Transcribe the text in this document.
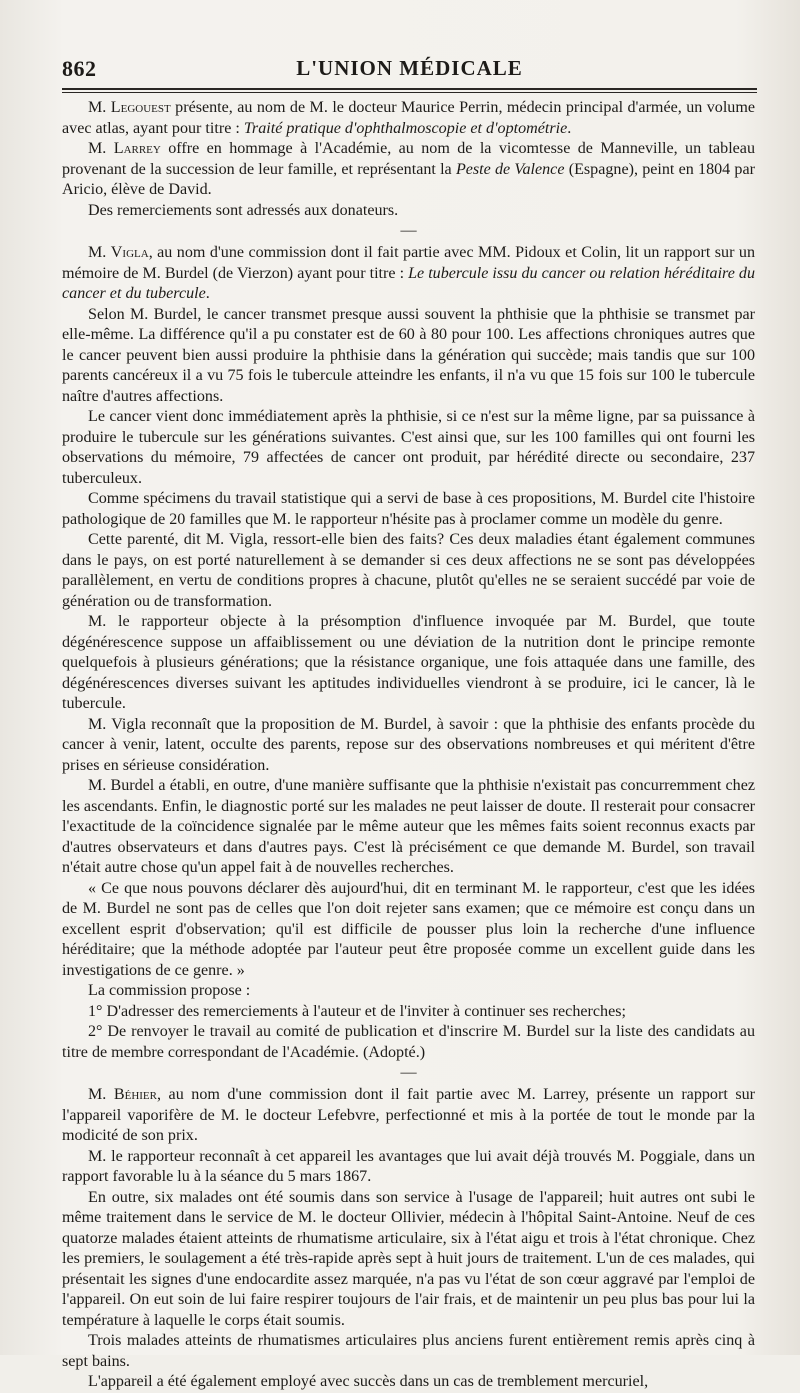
862	L'UNION MÉDICALE

M. Legouest présente, au nom de M. le docteur Maurice Perrin, médecin principal d'armée, un volume avec atlas, ayant pour titre : Traité pratique d'ophthalmoscopie et d'optométrie.

M. Larrey offre en hommage à l'Académie, au nom de la vicomtesse de Manneville, un tableau provenant de la succession de leur famille, et représentant la Peste de Valence (Espagne), peint en 1804 par Aricio, élève de David.

Des remerciements sont adressés aux donateurs.

—

M. Vigla, au nom d'une commission dont il fait partie avec MM. Pidoux et Colin, lit un rapport sur un mémoire de M. Burdel (de Vierzon) ayant pour titre : Le tubercule issu du cancer ou relation héréditaire du cancer et du tubercule.

Selon M. Burdel, le cancer transmet presque aussi souvent la phthisie que la phthisie se transmet par elle-même. La différence qu'il a pu constater est de 60 à 80 pour 100. Les affections chroniques autres que le cancer peuvent bien aussi produire la phthisie dans la génération qui succède; mais tandis que sur 100 parents cancéreux il a vu 75 fois le tubercule atteindre les enfants, il n'a vu que 15 fois sur 100 le tubercule naître d'autres affections.

Le cancer vient donc immédiatement après la phthisie, si ce n'est sur la même ligne, par sa puissance à produire le tubercule sur les générations suivantes. C'est ainsi que, sur les 100 familles qui ont fourni les observations du mémoire, 79 affectées de cancer ont produit, par hérédité directe ou secondaire, 237 tuberculeux.

Comme spécimens du travail statistique qui a servi de base à ces propositions, M. Burdel cite l'histoire pathologique de 20 familles que M. le rapporteur n'hésite pas à proclamer comme un modèle du genre.

Cette parenté, dit M. Vigla, ressort-elle bien des faits? Ces deux maladies étant également communes dans le pays, on est porté naturellement à se demander si ces deux affections ne se sont pas développées parallèlement, en vertu de conditions propres à chacune, plutôt qu'elles ne se seraient succédé par voie de génération ou de transformation.

M. le rapporteur objecte à la présomption d'influence invoquée par M. Burdel, que toute dégénérescence suppose un affaiblissement ou une déviation de la nutrition dont le principe remonte quelquefois à plusieurs générations; que la résistance organique, une fois attaquée dans une famille, des dégénérescences diverses suivant les aptitudes individuelles viendront à se produire, ici le cancer, là le tubercule.

M. Vigla reconnaît que la proposition de M. Burdel, à savoir : que la phthisie des enfants procède du cancer à venir, latent, occulte des parents, repose sur des observations nombreuses et qui méritent d'être prises en sérieuse considération.

M. Burdel a établi, en outre, d'une manière suffisante que la phthisie n'existait pas concurremment chez les ascendants. Enfin, le diagnostic porté sur les malades ne peut laisser de doute. Il resterait pour consacrer l'exactitude de la coïncidence signalée par le même auteur que les mêmes faits soient reconnus exacts par d'autres observateurs et dans d'autres pays. C'est là précisément ce que demande M. Burdel, son travail n'était autre chose qu'un appel fait à de nouvelles recherches.

« Ce que nous pouvons déclarer dès aujourd'hui, dit en terminant M. le rapporteur, c'est que les idées de M. Burdel ne sont pas de celles que l'on doit rejeter sans examen; que ce mémoire est conçu dans un excellent esprit d'observation; qu'il est difficile de pousser plus loin la recherche d'une influence héréditaire; que la méthode adoptée par l'auteur peut être proposée comme un excellent guide dans les investigations de ce genre. »

La commission propose :

1° D'adresser des remerciements à l'auteur et de l'inviter à continuer ses recherches;

2° De renvoyer le travail au comité de publication et d'inscrire M. Burdel sur la liste des candidats au titre de membre correspondant de l'Académie. (Adopté.)

—

M. Béhier, au nom d'une commission dont il fait partie avec M. Larrey, présente un rapport sur l'appareil vaporifère de M. le docteur Lefebvre, perfectionné et mis à la portée de tout le monde par la modicité de son prix.

M. le rapporteur reconnaît à cet appareil les avantages que lui avait déjà trouvés M. Poggiale, dans un rapport favorable lu à la séance du 5 mars 1867.

En outre, six malades ont été soumis dans son service à l'usage de l'appareil; huit autres ont subi le même traitement dans le service de M. le docteur Ollivier, médecin à l'hôpital Saint-Antoine. Neuf de ces quatorze malades étaient atteints de rhumatisme articulaire, six à l'état aigu et trois à l'état chronique. Chez les premiers, le soulagement a été très-rapide après sept à huit jours de traitement. L'un de ces malades, qui présentait les signes d'une endocardite assez marquée, n'a pas vu l'état de son cœur aggravé par l'emploi de l'appareil. On eut soin de lui faire respirer toujours de l'air frais, et de maintenir un peu plus bas pour lui la température à laquelle le corps était soumis.

Trois malades atteints de rhumatismes articulaires plus anciens furent entièrement remis après cinq à sept bains.

L'appareil a été également employé avec succès dans un cas de tremblement mercuriel,
